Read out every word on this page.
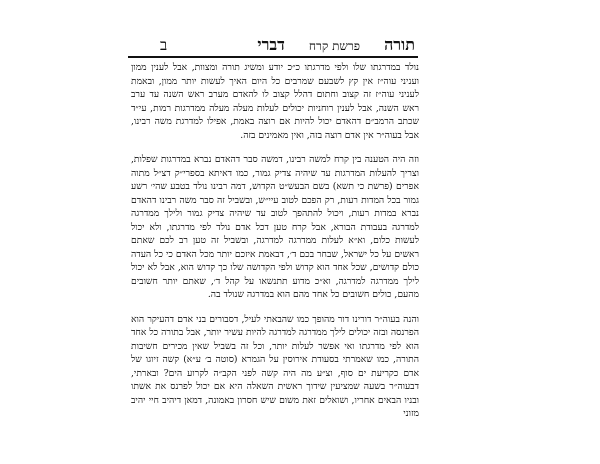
תורה
פרשת קרח
דברי
ב

נולד במדרגתו שלו ולפי מדרגתו כ״כ יודע ומשיג תורה ומצוות, אבל לענין ממון ועניני עוה״ז אין קץ לשבעם שמרבים כל היום האיך לעשות יותר ממון, ובאמת לעניני עוה״ז זה קצוב וחתום דהלל קצוב לו להאדם מערב ראש השנה עד ערב ראש השנה, אבל לענין רוחניות יכולים לעלות מעלה מעלה ממדרגות רמות, עי״ד שכתב הרמב״ם דהאדם יכול להיות אם רוצה באמת, אפילו למדרגת משה רבינו, אבל בעוה״ר אין אדם רוצה בזה, ואין מאמינים בזה.

וזה היה הטענה בין קרח למשה רבינו, דמשה סבר דהאדם נברא במדרגות שפלות, וצריך להעלות המדרגות עד שיהיה צדיק גמור, כמו דאיתא בספרי״ק דצ״ל מתוה אפרים (פרשת כי תשא) בשם הבעש״ט הקדוש, דמה רבינו נולד בטבע שהי׳ רשע גמור בכל המדות רעות, רק הפכם לטוב עיי״ש, ובשביל זה סבר משה רבינו דהאדם נברא במדות רעות, ויכול להתהפך לטוב עד שיהיה צדיק גמור ולילך ממדרגה למדרגה בעבודת הבורא, אבל קרח טען דכל אדם נולד לפי מדרגתו, ולא יכול לעשות כלום, וא״א לעלות ממדרגה למדרגה, ובשביל זה טען רב לכם שאתם ראשים על כל ישראל, שבחר בכם ד׳, דבאמת איזכם יותר מכל האדם כי כל העדה כולם קדושים, שכל אחד הוא קדוש ולפי הקדושה שלו כך קדוש הוא, אבל לא יכול לילך ממדרגה למדרגה, וא״כ מדוע תתנשאו על קהל ד׳, שאתם יותר חשובים מהעם, כולים חשובים כל אחד מהם הוא במדרגה שנולד בה.

והנה בעוה״ר דורינו דור מהופך כמו שהבאתי לעיל, דסבורים בני אדם דהעיקר הוא הפרנסה ובזה יכולים לילך ממדרגה למדרגה להיות עשיר יותר, אבל בתורה כל אחד הוא לפי מדרגתו ואי אפשר לעלות יותר, וכל זה בשביל שאין מכירים חשיבות התורה, כמו שאמרתי בסעודת אירוסין על הגמרא (סוטה ב׳ ע״א) קשה זיוגו של אדם כקריעת ים סוף, וצ״ע מה היה קשה לפני הקב״ה לקרוע הים? ובארתי, דבעוה״ר בשעה שמציעין שידוך ראשית השאלה היא אם יכול לפרנס את אשתו ובניו הבאים אחריו, ושואלים זאת משום שיש חסרון באמונה, דמאן דיהיב חיי יהיב מזוני
